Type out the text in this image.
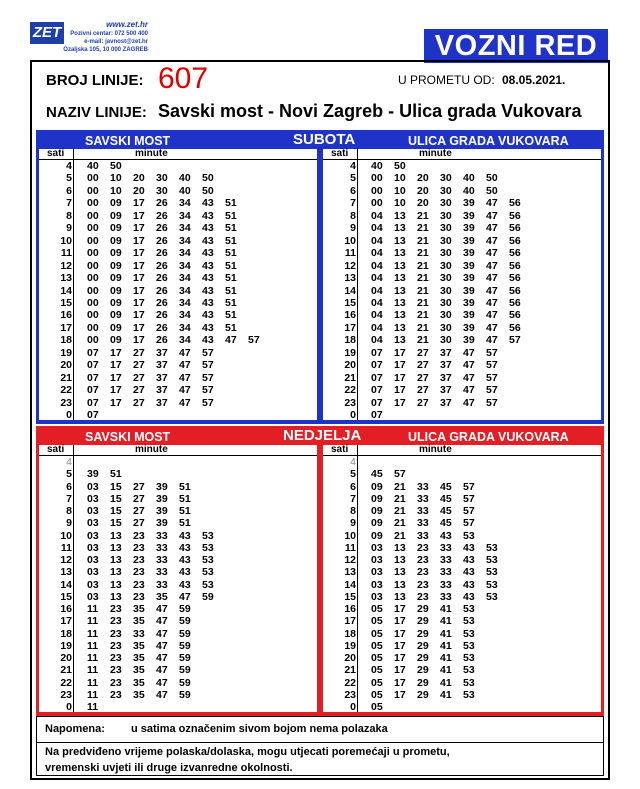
ZET	www.zet.hr
Pozivni centar: 072 500 400
e-mail: javnost@zet.hr
Ozaljska 105, 10 000 ZAGREB	VOZNI RED
BROJ LINIJE: 607	U PROMETU OD: 08.05.2021.
NAZIV LINIJE: Savski most - Novi Zagreb - Ulica grada Vukovara
SAVSKI MOST	SUBOTA	ULICA GRADA VUKOVARA
sati	minute
4 40	50
5 00	10	20	30	40	50
6 00	10	20	30	40	50
7 00	09	17	26	34	43	51
8 00	09	17	26	34	43	51
9 00	09	17	26	34	43	51
10 00	09	17	26	34	43	51
11 00	09	17	26	34	43	51
12 00	09	17	26	34	43	51
13 00	09	17	26	34	43	51
14 00	09	17	26	34	43	51
15 00	09	17	26	34	43	51
16 00	09	17	26	34	43	51
17 00	09	17	26	34	43	51
18 00	09	17	26	34	43	47	57
19 07	17	27	37	47	57
20 07	17	27	37	47	57
21 07	17	27	37	47	57
22 07	17	27	37	47	57
23 07	17	27	37	47	57
0 07
sati	minute
4 40	50
5 00	10	20	30	40	50
6 00	10	20	30	40	50
7 00	10	20	30	39	47	56
8 04	13	21	30	39	47	56
9 04	13	21	30	39	47	56
10 04	13	21	30	39	47	56
11 04	13	21	30	39	47	56
12 04	13	21	30	39	47	56
13 04	13	21	30	39	47	56
14 04	13	21	30	39	47	56
15 04	13	21	30	39	47	56
16 04	13	21	30	39	47	56
17 04	13	21	30	39	47	56
18 04	13	21	30	39	47	57
19 07	17	27	37	47	57
20 07	17	27	37	47	57
21 07	17	27	37	47	57
22 07	17	27	37	47	57
23 07	17	27	37	47	57
0 07
SAVSKI MOST	NEDJELJA	ULICA GRADA VUKOVARA
sati	minute
4
5 39	51
6 03	15	27	39	51
7 03	15	27	39	51
8 03	15	27	39	51
9 03	15	27	39	51
10 03	13	23	33	43	53
11 03	13	23	33	43	53
12 03	13	23	33	43	53
13 03	13	23	33	43	53
14 03	13	23	33	43	53
15 03	13	23	35	47	59
16 11	23	35	47	59
17 11	23	35	47	59
18 11	23	33	47	59
19 11	23	35	47	59
20 11	23	35	47	59
21 11	23	35	47	59
22 11	23	35	47	59
23 11	23	35	47	59
0 11
sati	minute
4
5 45	57
6 09	21	33	45	57
7 09	21	33	45	57
8 09	21	33	45	57
9 09	21	33	45	57
10 09	21	33	43	53
11 03	13	23	33	43	53
12 03	13	23	33	43	53
13 03	13	23	33	43	53
14 03	13	23	33	43	53
15 03	13	23	33	43	53
16 05	17	29	41	53
17 05	17	29	41	53
18 05	17	29	41	53
19 05	17	29	41	53
20 05	17	29	41	53
21 05	17	29	41	53
22 05	17	29	41	53
23 05	17	29	41	53
0 05
Napomena: u satima označenim sivom bojom nema polazaka
Na predviđeno vrijeme polaska/dolaska, mogu utjecati poremećaji u prometu,
vremenski uvjeti ili druge izvanredne okolnosti.
